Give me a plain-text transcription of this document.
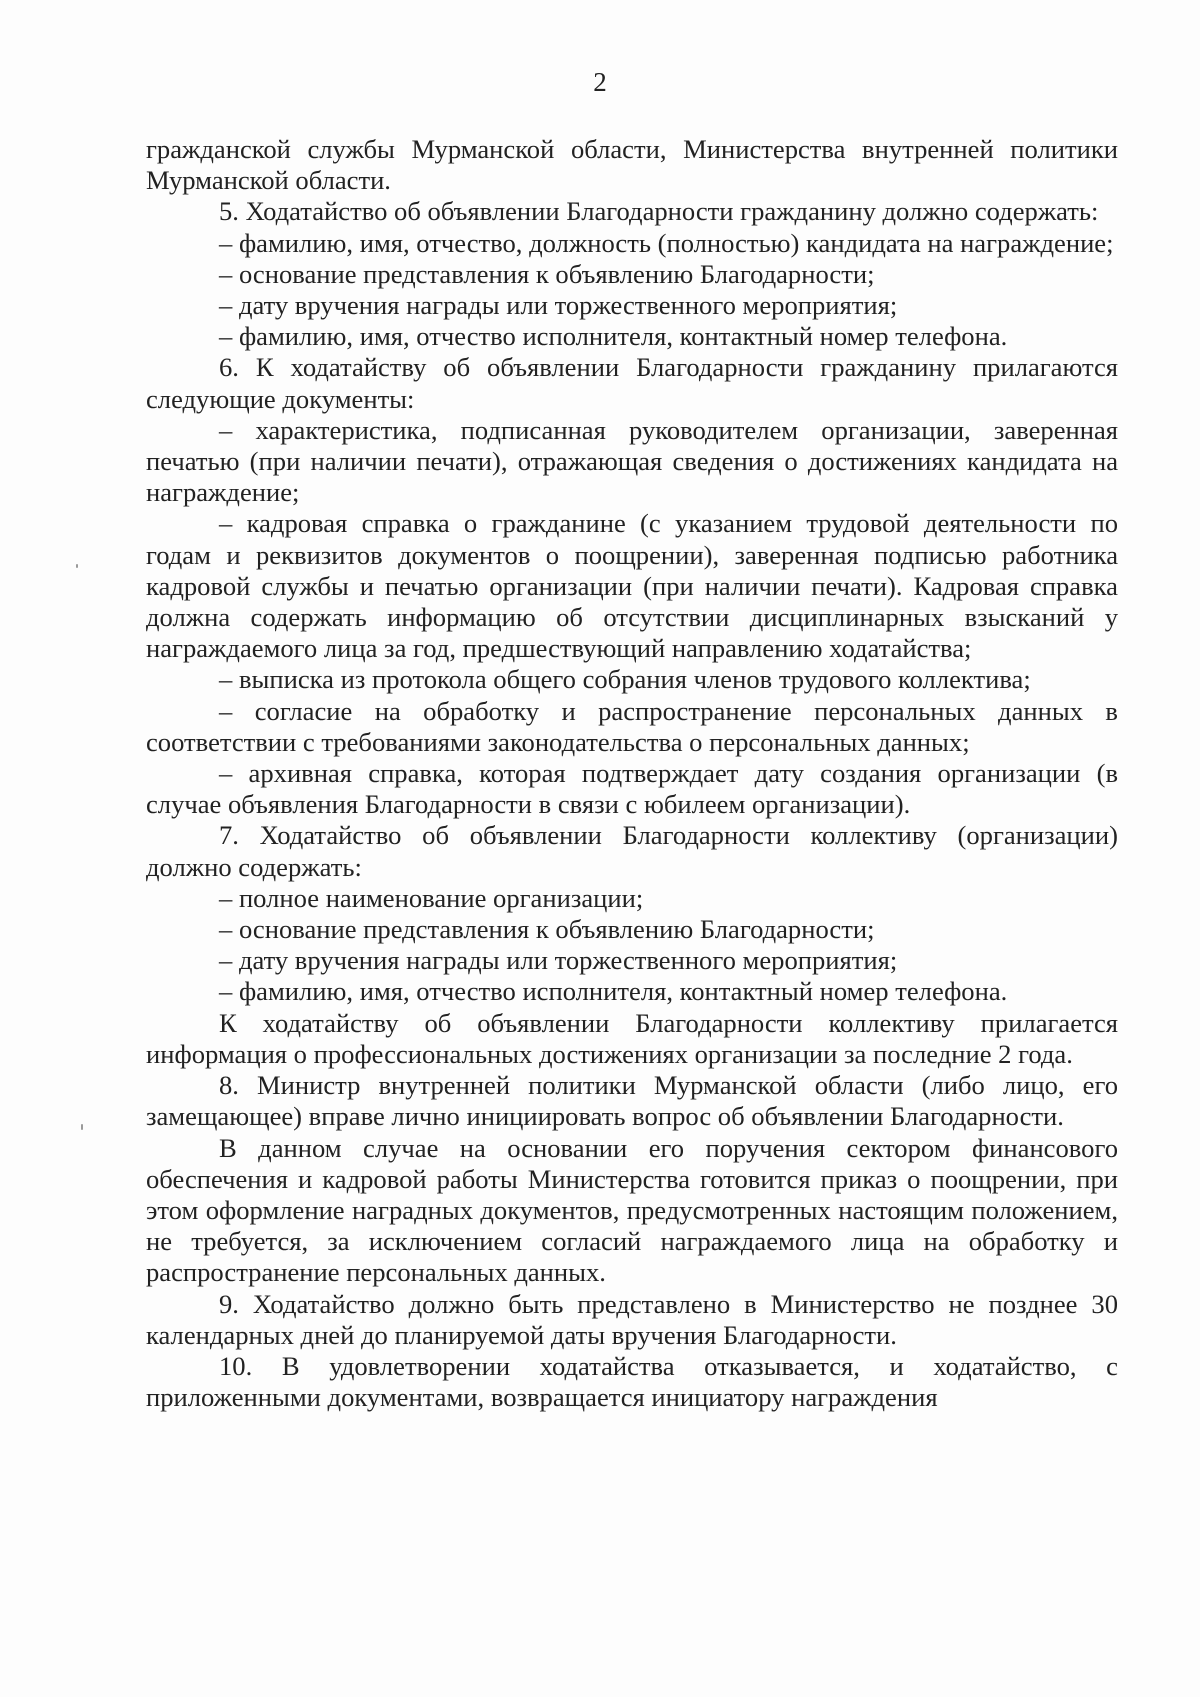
2

гражданской службы Мурманской области, Министерства внутренней политики Мурманской области.

5. Ходатайство об объявлении Благодарности гражданину должно содержать:

– фамилию, имя, отчество, должность (полностью) кандидата на награждение;

– основание представления к объявлению Благодарности;

– дату вручения награды или торжественного мероприятия;

– фамилию, имя, отчество исполнителя, контактный номер телефона.

6. К ходатайству об объявлении Благодарности гражданину прилагаются следующие документы:

– характеристика, подписанная руководителем организации, заверенная печатью (при наличии печати), отражающая сведения о достижениях кандидата на награждение;

– кадровая справка о гражданине (с указанием трудовой деятельности по годам и реквизитов документов о поощрении), заверенная подписью работника кадровой службы и печатью организации (при наличии печати). Кадровая справка должна содержать информацию об отсутствии дисциплинарных взысканий у награждаемого лица за год, предшествующий направлению ходатайства;

– выписка из протокола общего собрания членов трудового коллектива;

– согласие на обработку и распространение персональных данных в соответствии с требованиями законодательства о персональных данных;

– архивная справка, которая подтверждает дату создания организации (в случае объявления Благодарности в связи с юбилеем организации).

7. Ходатайство об объявлении Благодарности коллективу (организации) должно содержать:

– полное наименование организации;

– основание представления к объявлению Благодарности;

– дату вручения награды или торжественного мероприятия;

– фамилию, имя, отчество исполнителя, контактный номер телефона.

К ходатайству об объявлении Благодарности коллективу прилагается информация о профессиональных достижениях организации за последние 2 года.

8. Министр внутренней политики Мурманской области (либо лицо, его замещающее) вправе лично инициировать вопрос об объявлении Благодарности.

В данном случае на основании его поручения сектором финансового обеспечения и кадровой работы Министерства готовится приказ о поощрении, при этом оформление наградных документов, предусмотренных настоящим положением, не требуется, за исключением согласий награждаемого лица на обработку и распространение персональных данных.

9. Ходатайство должно быть представлено в Министерство не позднее 30 календарных дней до планируемой даты вручения Благодарности.

10. В удовлетворении ходатайства отказывается, и ходатайство, с приложенными документами, возвращается инициатору награждения
